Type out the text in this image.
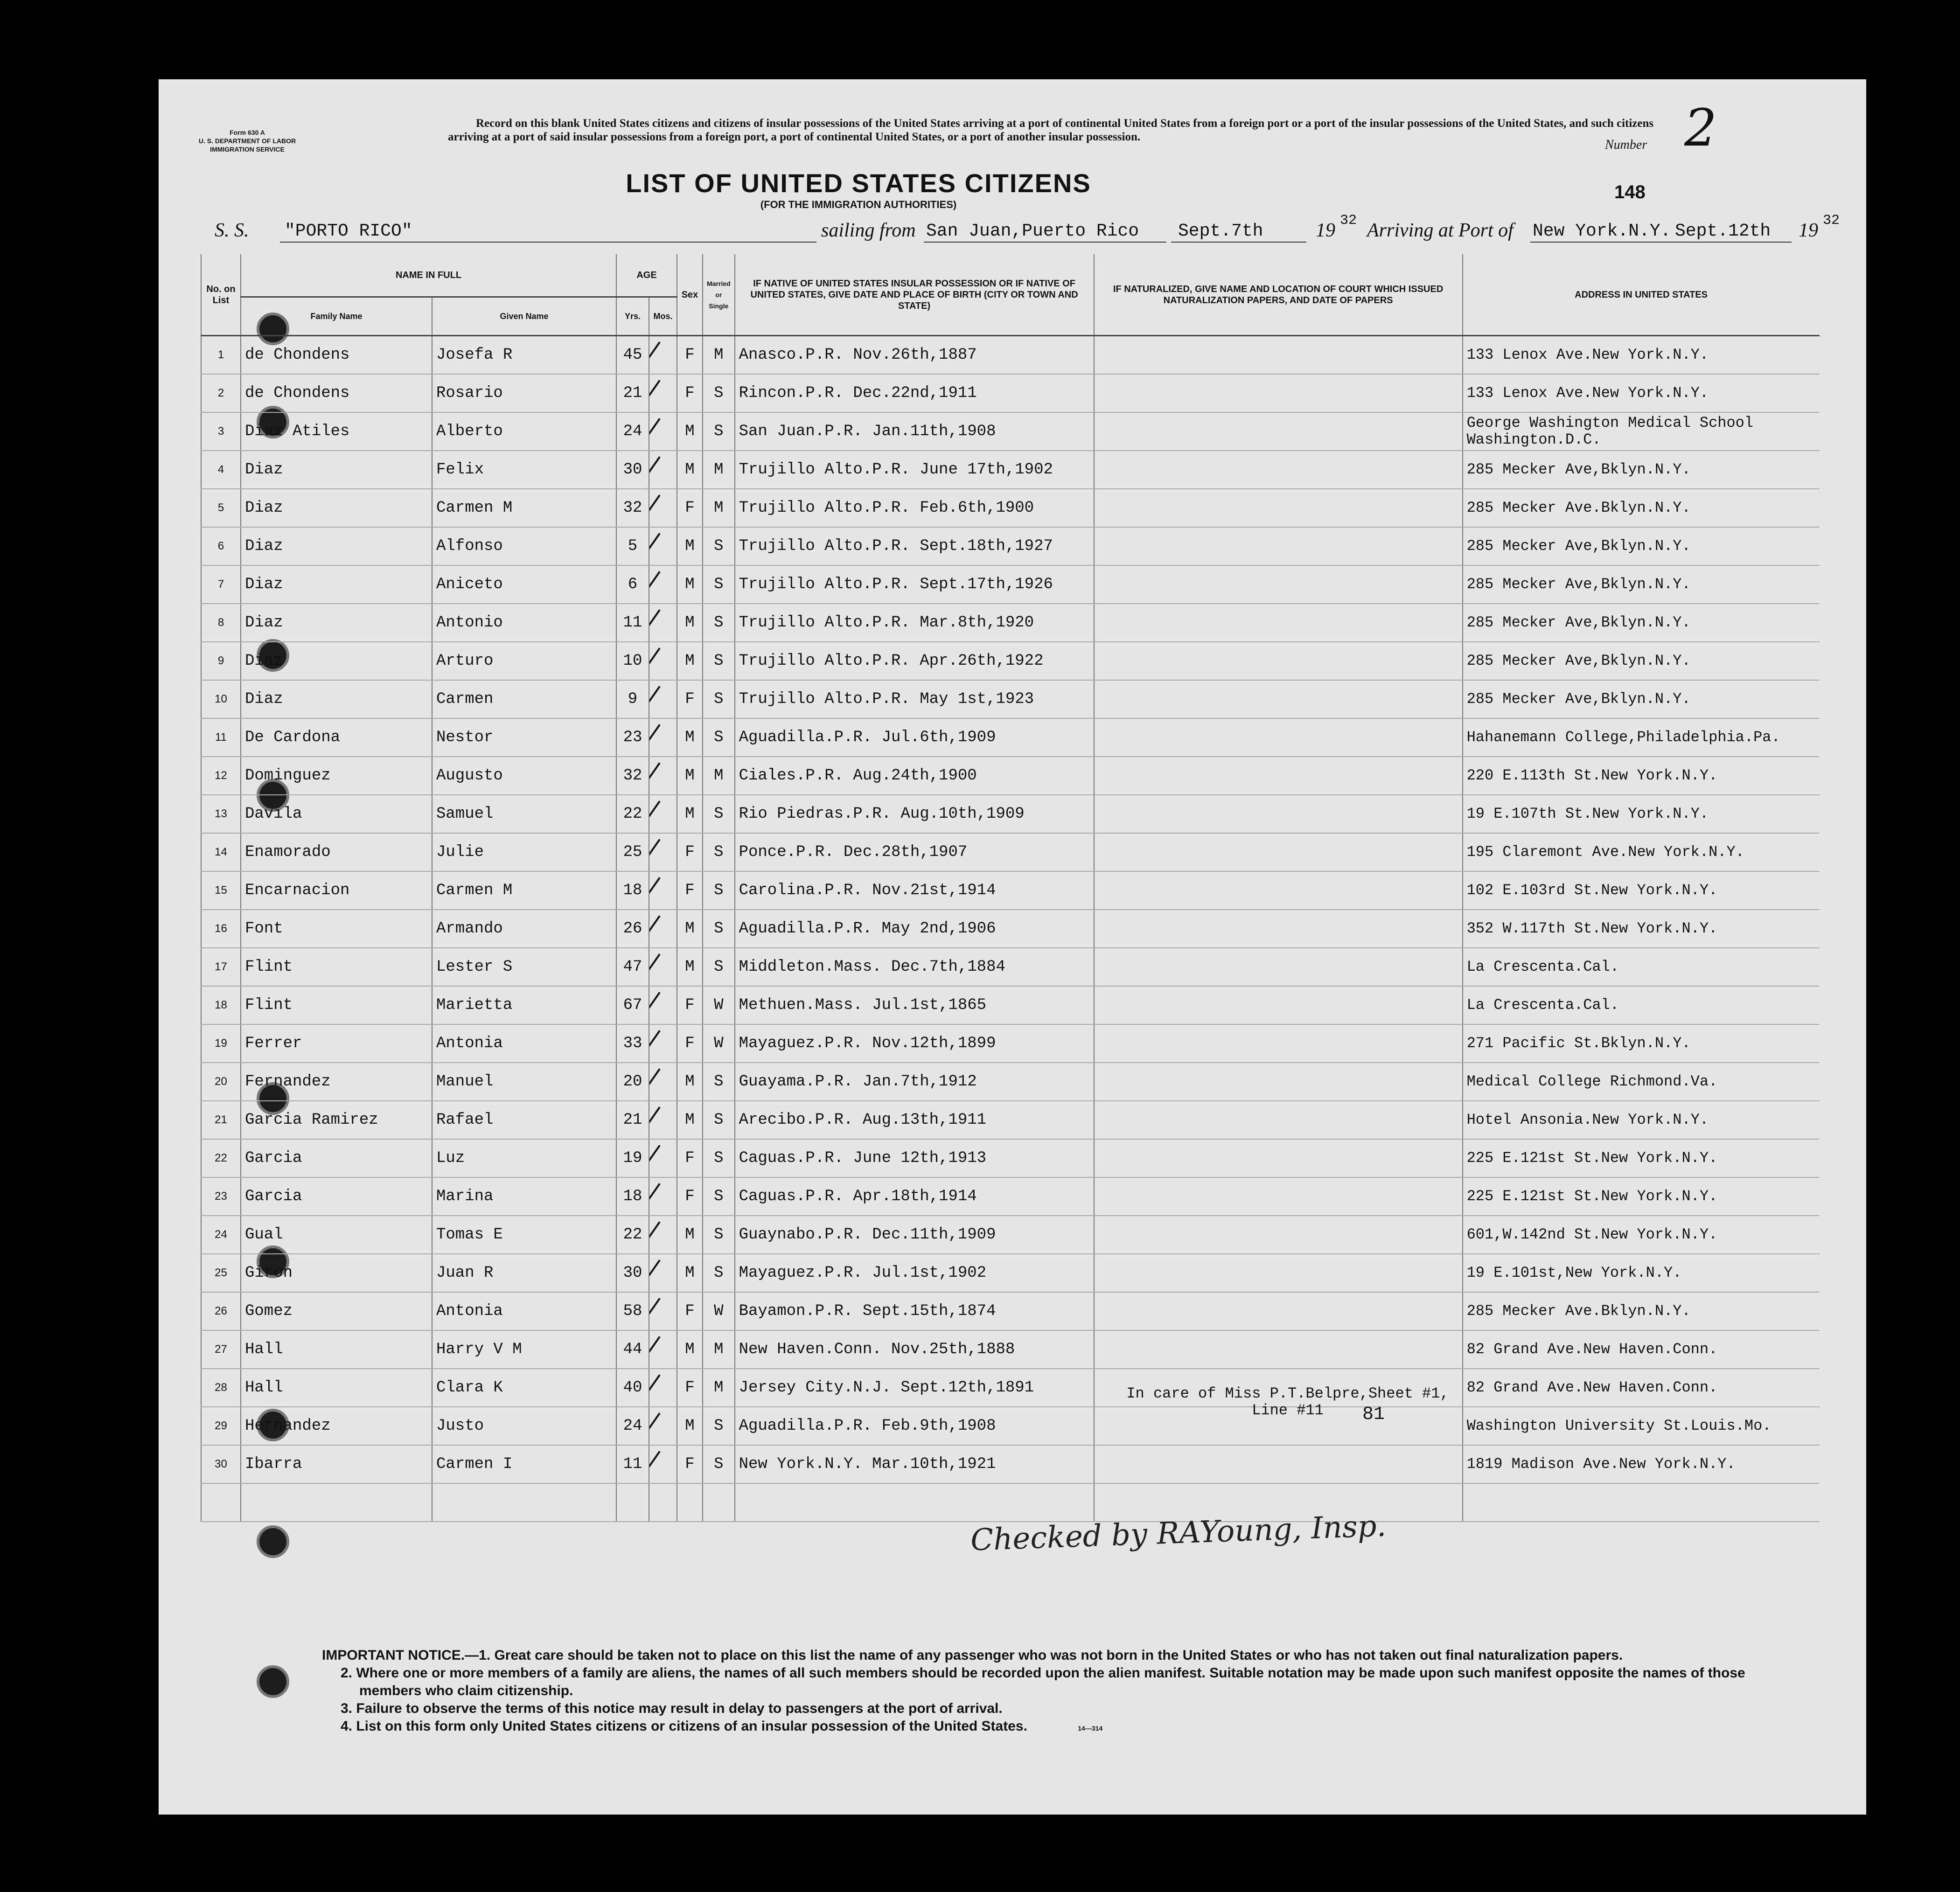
Form 630 A
U. S. DEPARTMENT OF LABOR
IMMIGRATION SERVICE
Record on this blank United States citizens and citizens of insular possessions of the United States arriving at a port of continental United States from a foreign port or a port of the insular possessions of the United States, and such citizens arriving at a port of said insular possessions from a foreign port, a port of continental United States, or a port of another insular possession.
Number 2
LIST OF UNITED STATES CITIZENS
(FOR THE IMMIGRATION AUTHORITIES)
148
S. S. "PORTO RICO"	sailing from San Juan,Puerto Rico Sept.7th	19 32 Arriving at Port of New York.N.Y. Sept.12th 19 32
No. on List	NAME IN FULL		AGE		Sex	Married or Single	IF NATIVE OF UNITED STATES INSULAR POSSESSION OR IF NATIVE OF UNITED STATES, GIVE DATE AND PLACE OF BIRTH (CITY OR TOWN AND STATE)	IF NATURALIZED, GIVE NAME AND LOCATION OF COURT WHICH ISSUED NATURALIZATION PAPERS, AND DATE OF PAPERS	ADDRESS IN UNITED STATES
	Family Name	Given Name	Yrs.	Mos.					
1	de Chondens	Josefa R	45		F	M	Anasco.P.R. Nov.26th,1887		133 Lenox Ave.New York.N.Y.
2	de Chondens	Rosario	21		F	S	Rincon.P.R. Dec.22nd,1911		133 Lenox Ave.New York.N.Y.
3	Diaz Atiles	Alberto	24		M	S	San Juan.P.R. Jan.11th,1908		George Washington Medical School Washington.D.C.
4	Diaz	Felix	30		M	M	Trujillo Alto.P.R. June 17th,1902		285 Mecker Ave,Bklyn.N.Y.
5	Diaz	Carmen M	32		F	M	Trujillo Alto.P.R. Feb.6th,1900		285 Mecker Ave.Bklyn.N.Y.
6	Diaz	Alfonso	5		M	S	Trujillo Alto.P.R. Sept.18th,1927		285 Mecker Ave,Bklyn.N.Y.
7	Diaz	Aniceto	6		M	S	Trujillo Alto.P.R. Sept.17th,1926		285 Mecker Ave,Bklyn.N.Y.
8	Diaz	Antonio	11		M	S	Trujillo Alto.P.R. Mar.8th,1920		285 Mecker Ave,Bklyn.N.Y.
9	Diaz	Arturo	10		M	S	Trujillo Alto.P.R. Apr.26th,1922		285 Mecker Ave,Bklyn.N.Y.
10	Diaz	Carmen	9		F	S	Trujillo Alto.P.R. May 1st,1923		285 Mecker Ave,Bklyn.N.Y.
11	De Cardona	Nestor	23		M	S	Aguadilla.P.R. Jul.6th,1909		Hahanemann College,Philadelphia.Pa.
12	Dominguez	Augusto	32		M	M	Ciales.P.R. Aug.24th,1900		220 E.113th St.New York.N.Y.
13	Davila	Samuel	22		M	S	Rio Piedras.P.R. Aug.10th,1909		19 E.107th St.New York.N.Y.
14	Enamorado	Julie	25		F	S	Ponce.P.R. Dec.28th,1907		195 Claremont Ave.New York.N.Y.
15	Encarnacion	Carmen M	18		F	S	Carolina.P.R. Nov.21st,1914		102 E.103rd St.New York.N.Y.
16	Font	Armando	26		M	S	Aguadilla.P.R. May 2nd,1906		352 W.117th St.New York.N.Y.
17	Flint	Lester S	47		M	S	Middleton.Mass. Dec.7th,1884		La Crescenta.Cal.
18	Flint	Marietta	67		F	W	Methuen.Mass. Jul.1st,1865		La Crescenta.Cal.
19	Ferrer	Antonia	33		F	W	Mayaguez.P.R. Nov.12th,1899		271 Pacific St.Bklyn.N.Y.
20	Fernandez	Manuel	20		M	S	Guayama.P.R. Jan.7th,1912		Medical College Richmond.Va.
21	Garcia Ramirez	Rafael	21		M	S	Arecibo.P.R. Aug.13th,1911		Hotel Ansonia.New York.N.Y.
22	Garcia	Luz	19		F	S	Caguas.P.R. June 12th,1913		225 E.121st St.New York.N.Y.
23	Garcia	Marina	18		F	S	Caguas.P.R. Apr.18th,1914		225 E.121st St.New York.N.Y.
24	Gual	Tomas E	22		M	S	Guaynabo.P.R. Dec.11th,1909		601,W.142nd St.New York.N.Y.
25	Giron	Juan R	30		M	S	Mayaguez.P.R. Jul.1st,1902		19 E.101st,New York.N.Y.
26	Gomez	Antonia	58		F	W	Bayamon.P.R. Sept.15th,1874		285 Mecker Ave.Bklyn.N.Y.
27	Hall	Harry V M	44		M	M	New Haven.Conn. Nov.25th,1888		82 Grand Ave.New Haven.Conn.
28	Hall	Clara K	40		F	M	Jersey City.N.J. Sept.12th,1891		82 Grand Ave.New Haven.Conn.
29	Hernandez	Justo	24		M	S	Aguadilla.P.R. Feb.9th,1908		Washington University St.Louis.Mo.
30	Ibarra	Carmen I	11		F	S	New York.N.Y. Mar.10th,1921		1819 Madison Ave.New York.N.Y.

81
In care of Miss P.T.Belpre,Sheet #1, Line #11
Checked by RAYoung, Insp.
IMPORTANT NOTICE.—1. Great care should be taken not to place on this list the name of any passenger who was not born in the United States or who has not taken out final naturalization papers.
2. Where one or more members of a family are aliens, the names of all such members should be recorded upon the alien manifest. Suitable notation may be made upon such manifest opposite the names of those members who claim citizenship.
3. Failure to observe the terms of this notice may result in delay to passengers at the port of arrival.
4. List on this form only United States citizens or citizens of an insular possession of the United States.	14—314
